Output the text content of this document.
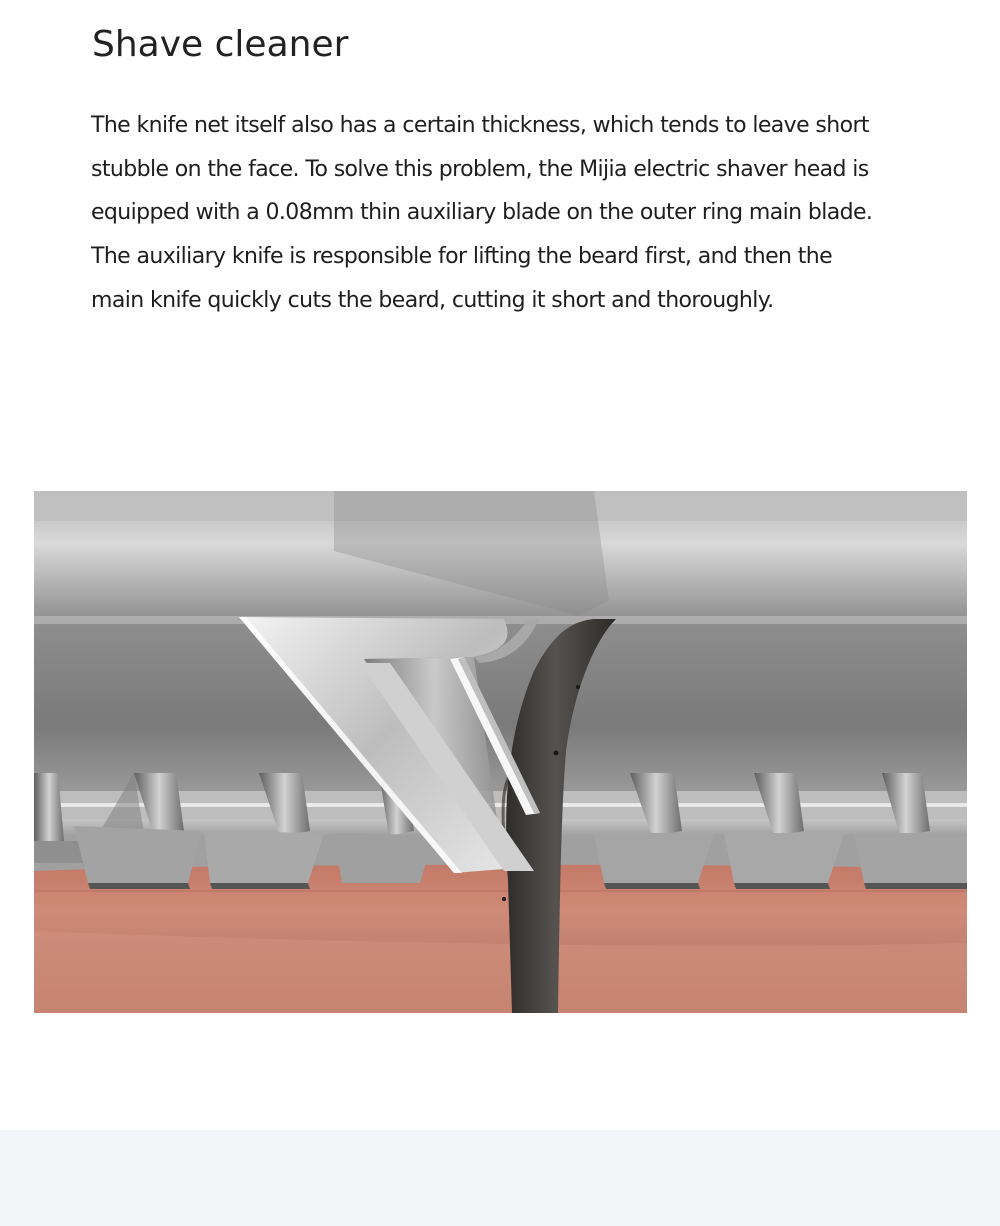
Shave cleaner

The knife net itself also has a certain thickness, which tends to leave short
stubble on the face. To solve this problem, the Mijia electric shaver head is
equipped with a 0.08mm thin auxiliary blade on the outer ring main blade.
The auxiliary knife is responsible for lifting the beard first, and then the
main knife quickly cuts the beard, cutting it short and thoroughly.
